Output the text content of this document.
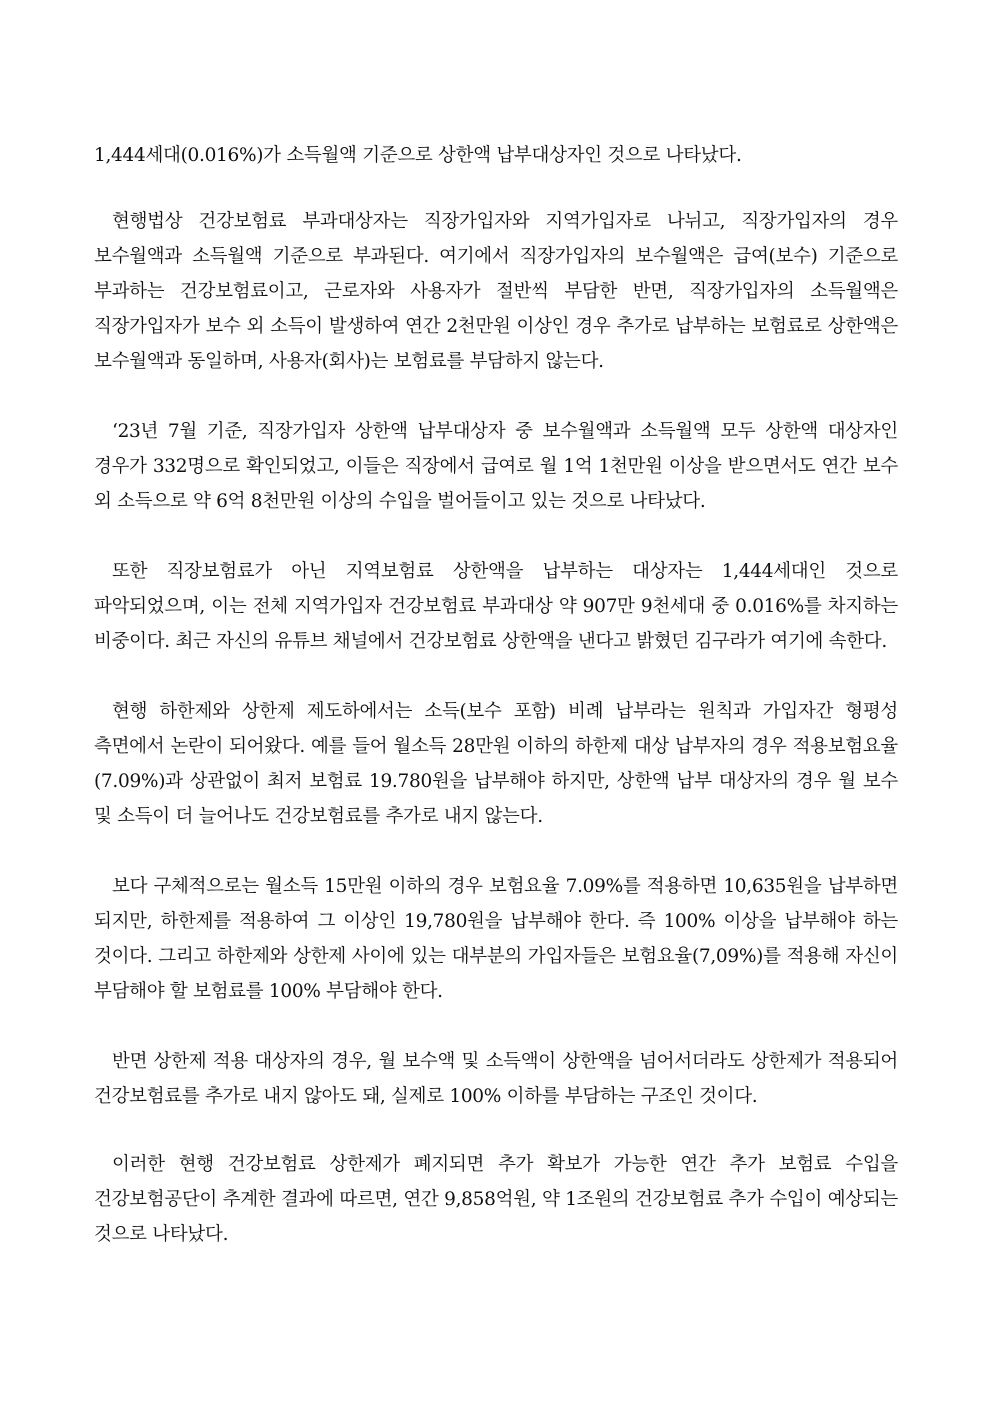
1,444세대(0.016%)가 소득월액 기준으로 상한액 납부대상자인 것으로 나타났다.

현행법상 건강보험료 부과대상자는 직장가입자와 지역가입자로 나뉘고, 직장가입자의 경우 보수월액과 소득월액 기준으로 부과된다. 여기에서 직장가입자의 보수월액은 급여(보수) 기준으로 부과하는 건강보험료이고, 근로자와 사용자가 절반씩 부담한 반면, 직장가입자의 소득월액은 직장가입자가 보수 외 소득이 발생하여 연간 2천만원 이상인 경우 추가로 납부하는 보험료로 상한액은 보수월액과 동일하며, 사용자(회사)는 보험료를 부담하지 않는다.

‘23년 7월 기준, 직장가입자 상한액 납부대상자 중 보수월액과 소득월액 모두 상한액 대상자인 경우가 332명으로 확인되었고, 이들은 직장에서 급여로 월 1억 1천만원 이상을 받으면서도 연간 보수 외 소득으로 약 6억 8천만원 이상의 수입을 벌어들이고 있는 것으로 나타났다.

또한 직장보험료가 아닌 지역보험료 상한액을 납부하는 대상자는 1,444세대인 것으로 파악되었으며, 이는 전체 지역가입자 건강보험료 부과대상 약 907만 9천세대 중 0.016%를 차지하는 비중이다. 최근 자신의 유튜브 채널에서 건강보험료 상한액을 낸다고 밝혔던 김구라가 여기에 속한다.

현행 하한제와 상한제 제도하에서는 소득(보수 포함) 비례 납부라는 원칙과 가입자간 형평성 측면에서 논란이 되어왔다. 예를 들어 월소득 28만원 이하의 하한제 대상 납부자의 경우 적용보험요율(7.09%)과 상관없이 최저 보험료 19.780원을 납부해야 하지만, 상한액 납부 대상자의 경우 월 보수 및 소득이 더 늘어나도 건강보험료를 추가로 내지 않는다.

보다 구체적으로는 월소득 15만원 이하의 경우 보험요율 7.09%를 적용하면 10,635원을 납부하면 되지만, 하한제를 적용하여 그 이상인 19,780원을 납부해야 한다. 즉 100% 이상을 납부해야 하는 것이다. 그리고 하한제와 상한제 사이에 있는 대부분의 가입자들은 보험요율(7,09%)를 적용해 자신이 부담해야 할 보험료를 100% 부담해야 한다.

반면 상한제 적용 대상자의 경우, 월 보수액 및 소득액이 상한액을 넘어서더라도 상한제가 적용되어 건강보험료를 추가로 내지 않아도 돼, 실제로 100% 이하를 부담하는 구조인 것이다.

이러한 현행 건강보험료 상한제가 폐지되면 추가 확보가 가능한 연간 추가 보험료 수입을 건강보험공단이 추계한 결과에 따르면, 연간 9,858억원, 약 1조원의 건강보험료 추가 수입이 예상되는 것으로 나타났다.
